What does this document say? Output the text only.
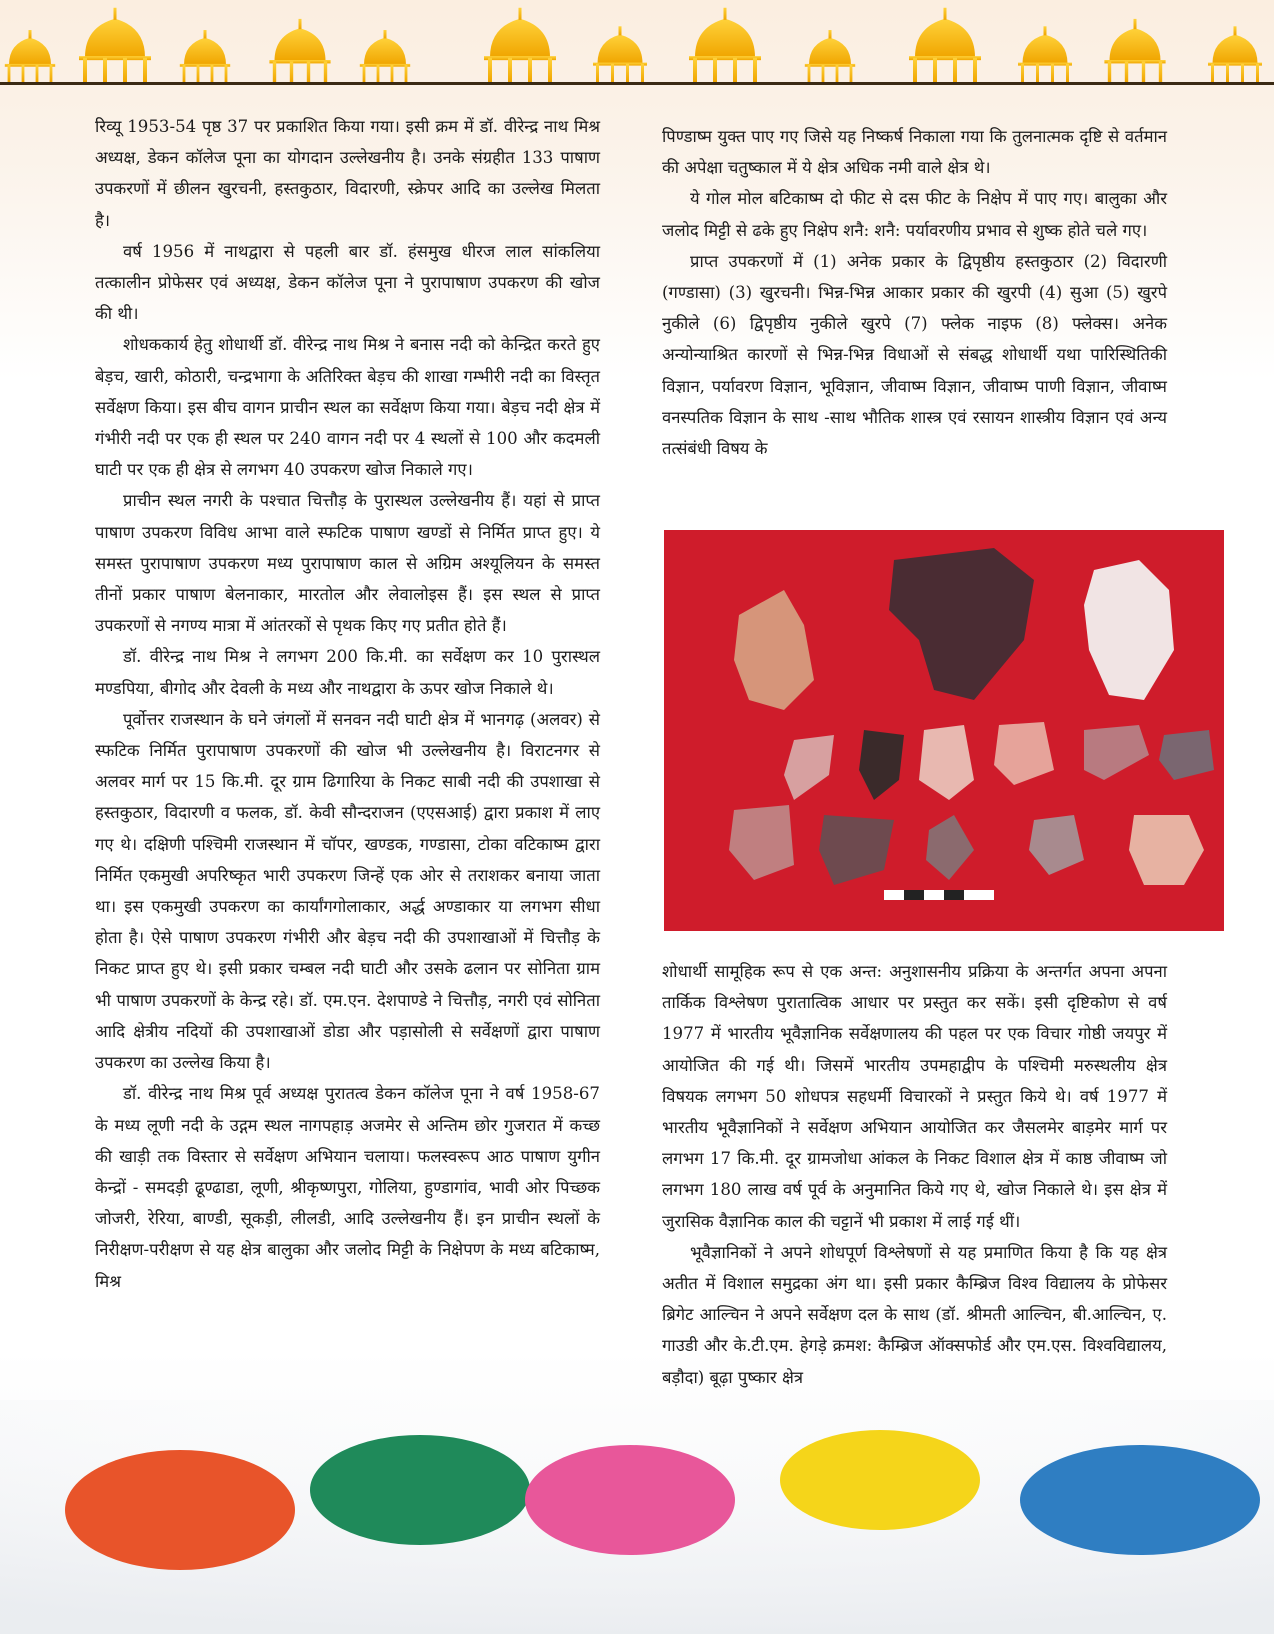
रिव्यू 1953-54 पृष्ठ 37 पर प्रकाशित किया गया। इसी क्रम में डॉ. वीरेन्द्र नाथ मिश्र अध्यक्ष, डेकन कॉलेज पूना का योगदान उल्लेखनीय है। उनके संग्रहीत 133 पाषाण उपकरणों में छीलन खुरचनी, हस्तकुठार, विदारणी, स्क्रेपर आदि का उल्लेख मिलता है।

वर्ष 1956 में नाथद्वारा से पहली बार डॉ. हंसमुख धीरज लाल सांकलिया तत्कालीन प्रोफेसर एवं अध्यक्ष, डेकन कॉलेज पूना ने पुरापाषाण उपकरण की खोज की थी।

शोधककार्य हेतु शोधार्थी डॉ. वीरेन्द्र नाथ मिश्र ने बनास नदी को केन्द्रित करते हुए बेड़च, खारी, कोठारी, चन्द्रभागा के अतिरिक्त बेड़च की शाखा गम्भीरी नदी का विस्तृत सर्वेक्षण किया। इस बीच वागन प्राचीन स्थल का सर्वेक्षण किया गया। बेड़च नदी क्षेत्र में गंभीरी नदी पर एक ही स्थल पर 240 वागन नदी पर 4 स्थलों से 100 और कदमली घाटी पर एक ही क्षेत्र से लगभग 40 उपकरण खोज निकाले गए।

प्राचीन स्थल नगरी के पश्चात चित्तौड़ के पुरास्थल उल्लेखनीय हैं। यहां से प्राप्त पाषाण उपकरण विविध आभा वाले स्फटिक पाषाण खण्डों से निर्मित प्राप्त हुए। ये समस्त पुरापाषाण उपकरण मध्य पुरापाषाण काल से अग्रिम अश्यूलियन के समस्त तीनों प्रकार पाषाण बेलनाकार, मारतोल और लेवालोइस हैं। इस स्थल से प्राप्त उपकरणों से नगण्य मात्रा में आंतरकों से पृथक किए गए प्रतीत होते हैं।

डॉ. वीरेन्द्र नाथ मिश्र ने लगभग 200 कि.मी. का सर्वेक्षण कर 10 पुरास्थल मण्डपिया, बीगोद और देवली के मध्य और नाथद्वारा के ऊपर खोज निकाले थे।

पूर्वोत्तर राजस्थान के घने जंगलों में सनवन नदी घाटी क्षेत्र में भानगढ़ (अलवर) से स्फटिक निर्मित पुरापाषाण उपकरणों की खोज भी उल्लेखनीय है। विराटनगर से अलवर मार्ग पर 15 कि.मी. दूर ग्राम ढिगारिया के निकट साबी नदी की उपशाखा से हस्तकुठार, विदारणी व फलक, डॉ. केवी सौन्दराजन (एएसआई) द्वारा प्रकाश में लाए गए थे। दक्षिणी पश्चिमी राजस्थान में चॉपर, खण्डक, गण्डासा, टोका वटिकाष्म द्वारा निर्मित एकमुखी अपरिष्कृत भारी उपकरण जिन्हें एक ओर से तराशकर बनाया जाता था। इस एकमुखी उपकरण का कार्यांगगोलाकार, अर्द्ध अण्डाकार या लगभग सीधा होता है। ऐसे पाषाण उपकरण गंभीरी और बेड़च नदी की उपशाखाओं में चित्तौड़ के निकट प्राप्त हुए थे। इसी प्रकार चम्बल नदी घाटी और उसके ढलान पर सोनिता ग्राम भी पाषाण उपकरणों के केन्द्र रहे। डॉ. एम.एन. देशपाण्डे ने चित्तौड़, नगरी एवं सोनिता आदि क्षेत्रीय नदियों की उपशाखाओं डोडा और पड़ासोली से सर्वेक्षणों द्वारा पाषाण उपकरण का उल्लेख किया है।

डॉ. वीरेन्द्र नाथ मिश्र पूर्व अध्यक्ष पुरातत्व डेकन कॉलेज पूना ने वर्ष 1958-67 के मध्य लूणी नदी के उद्गम स्थल नागपहाड़ अजमेर से अन्तिम छोर गुजरात में कच्छ की खाड़ी तक विस्तार से सर्वेक्षण अभियान चलाया। फलस्वरूप आठ पाषाण युगीन केन्द्रों - समदड़ी ढूण्ढाडा, लूणी, श्रीकृष्णपुरा, गोलिया, हुण्डागांव, भावी ओर पिच्छक जोजरी, रेरिया, बाण्डी, सूकड़ी, लीलडी, आदि उल्लेखनीय हैं। इन प्राचीन स्थलों के निरीक्षण-परीक्षण से यह क्षेत्र बालुका और जलोद मिट्टी के निक्षेपण के मध्य बटिकाष्म, मिश्र

पिण्डाष्म युक्त पाए गए जिसे यह निष्कर्ष निकाला गया कि तुलनात्मक दृष्टि से वर्तमान की अपेक्षा चतुष्काल में ये क्षेत्र अधिक नमी वाले क्षेत्र थे।

ये गोल मोल बटिकाष्म दो फीट से दस फीट के निक्षेप में पाए गए। बालुका और जलोद मिट्टी से ढके हुए निक्षेप शनै: शनै: पर्यावरणीय प्रभाव से शुष्क होते चले गए।

प्राप्त उपकरणों में (1) अनेक प्रकार के द्विपृष्ठीय हस्तकुठार (2) विदारणी (गण्डासा) (3) खुरचनी। भिन्न-भिन्न आकार प्रकार की खुरपी (4) सुआ (5) खुरपे नुकीले (6) द्विपृष्ठीय नुकीले खुरपे (7) फ्लेक नाइफ (8) फ्लेक्स। अनेक अन्योन्याश्रित कारणों से भिन्न-भिन्न विधाओं से संबद्ध शोधार्थी यथा पारिस्थितिकी विज्ञान, पर्यावरण विज्ञान, भूविज्ञान, जीवाष्म विज्ञान, जीवाष्म पाणी विज्ञान, जीवाष्म वनस्पतिक विज्ञान के साथ -साथ भौतिक शास्त्र एवं रसायन शास्त्रीय विज्ञान एवं अन्य तत्संबंधी विषय के

शोधार्थी सामूहिक रूप से एक अन्त: अनुशासनीय प्रक्रिया के अन्तर्गत अपना अपना तार्किक विश्लेषण पुरातात्विक आधार पर प्रस्तुत कर सकें। इसी दृष्टिकोण से वर्ष 1977 में भारतीय भूवैज्ञानिक सर्वेक्षणालय की पहल पर एक विचार गोष्ठी जयपुर में आयोजित की गई थी। जिसमें भारतीय उपमहाद्वीप के पश्चिमी मरुस्थलीय क्षेत्र विषयक लगभग 50 शोधपत्र सहधर्मी विचारकों ने प्रस्तुत किये थे। वर्ष 1977 में भारतीय भूवैज्ञानिकों ने सर्वेक्षण अभियान आयोजित कर जैसलमेर बाड़मेर मार्ग पर लगभग 17 कि.मी. दूर ग्रामजोधा आंकल के निकट विशाल क्षेत्र में काष्ठ जीवाष्म जो लगभग 180 लाख वर्ष पूर्व के अनुमानित किये गए थे, खोज निकाले थे। इस क्षेत्र में जुरासिक वैज्ञानिक काल की चट्टानें भी प्रकाश में लाई गई थीं।

भूवैज्ञानिकों ने अपने शोधपूर्ण विश्लेषणों से यह प्रमाणित किया है कि यह क्षेत्र अतीत में विशाल समुद्रका अंग था। इसी प्रकार कैम्ब्रिज विश्व विद्यालय के प्रोफेसर ब्रिगेट आल्चिन ने अपने सर्वेक्षण दल के साथ (डॉ. श्रीमती आल्चिन, बी.आल्चिन, ए. गाउडी और के.टी.एम. हेगड़े क्रमश: कैम्ब्रिज ऑक्सफोर्ड और एम.एस. विश्वविद्यालय, बड़ौदा) बूढ़ा पुष्कार क्षेत्र
